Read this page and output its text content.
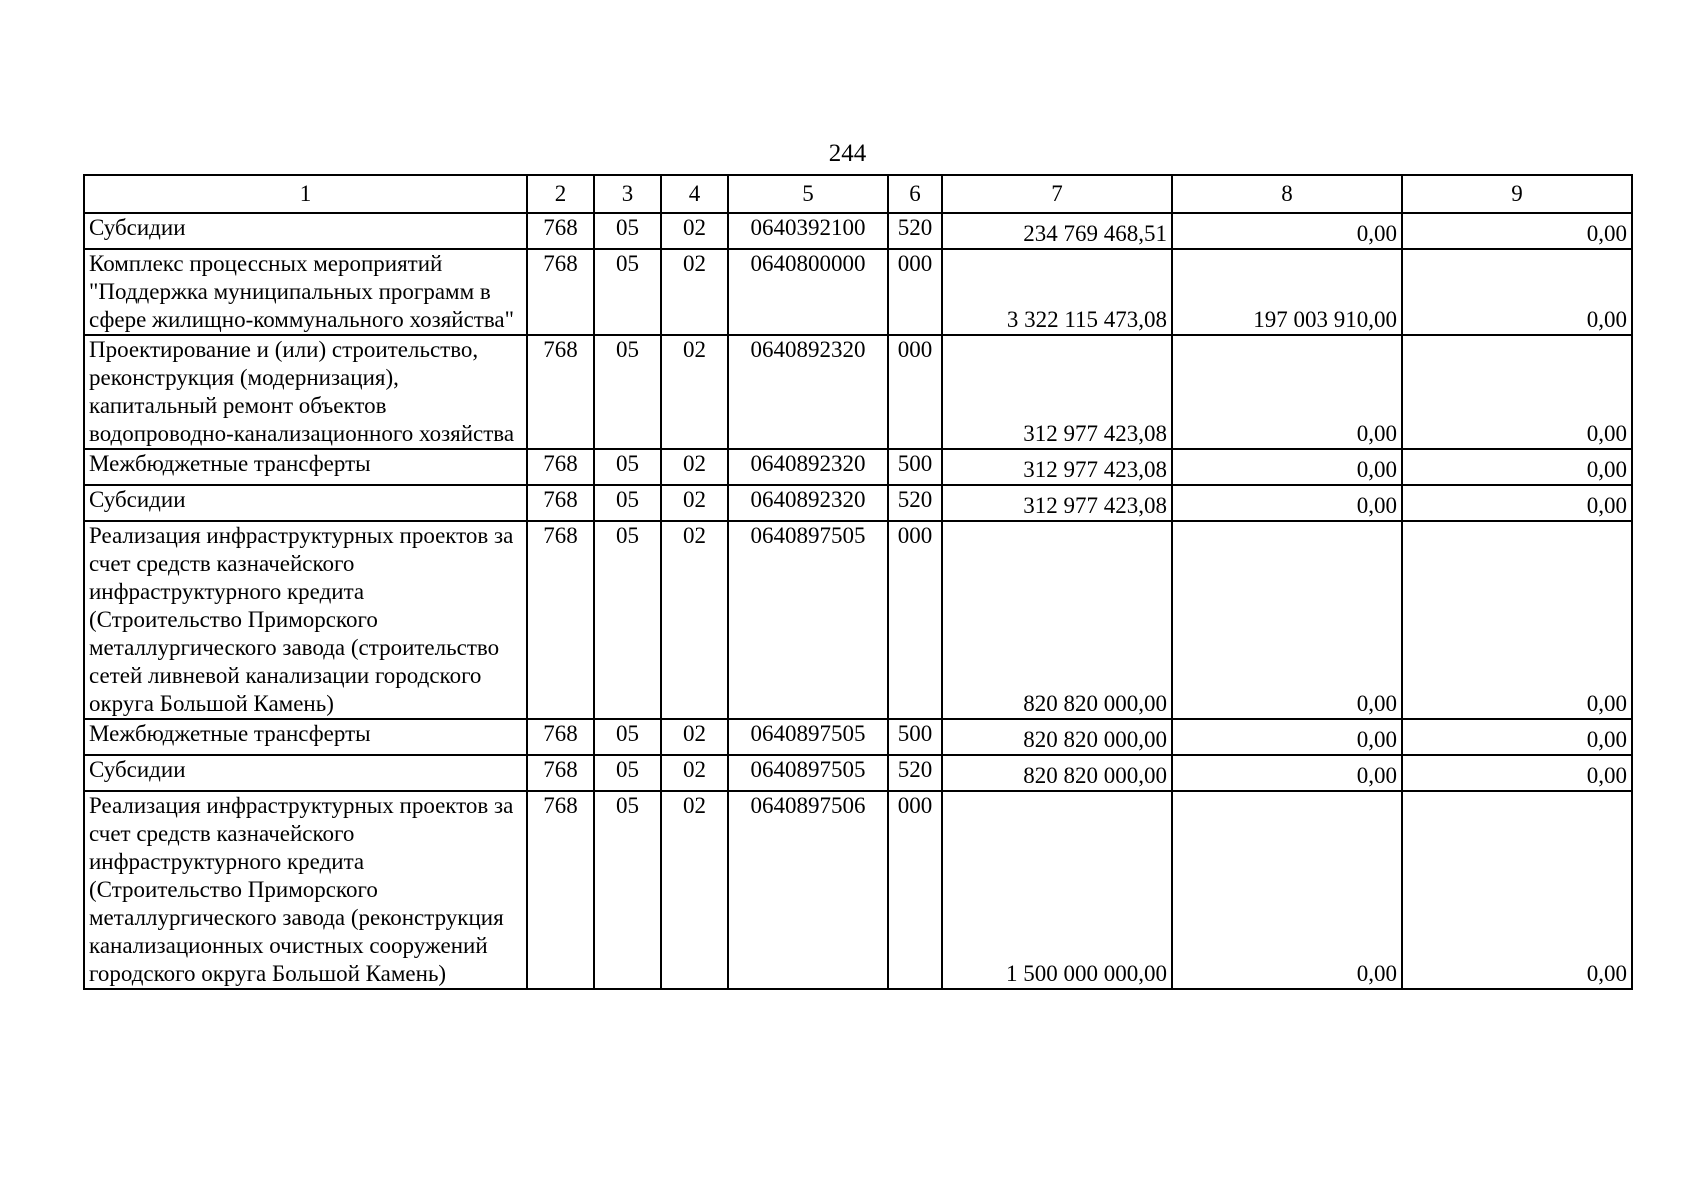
244
1	2	3	4	5	6	7	8	9
Субсидии	768	05	02	0640392100	520	234 769 468,51	0,00	0,00
Комплекс процессных мероприятий "Поддержка муниципальных программ в сфере жилищно-коммунального хозяйства"	768	05	02	0640800000	000	3 322 115 473,08	197 003 910,00	0,00
Проектирование и (или) строительство, реконструкция (модернизация), капитальный ремонт объектов водопроводно-канализационного хозяйства	768	05	02	0640892320	000	312 977 423,08	0,00	0,00
Межбюджетные трансферты	768	05	02	0640892320	500	312 977 423,08	0,00	0,00
Субсидии	768	05	02	0640892320	520	312 977 423,08	0,00	0,00
Реализация инфраструктурных проектов за счет средств казначейского инфраструктурного кредита (Строительство Приморского металлургического завода (строительство сетей ливневой канализации городского округа Большой Камень)	768	05	02	0640897505	000	820 820 000,00	0,00	0,00
Межбюджетные трансферты	768	05	02	0640897505	500	820 820 000,00	0,00	0,00
Субсидии	768	05	02	0640897505	520	820 820 000,00	0,00	0,00
Реализация инфраструктурных проектов за счет средств казначейского инфраструктурного кредита (Строительство Приморского металлургического завода (реконструкция канализационных очистных сооружений городского округа Большой Камень)	768	05	02	0640897506	000	1 500 000 000,00	0,00	0,00
